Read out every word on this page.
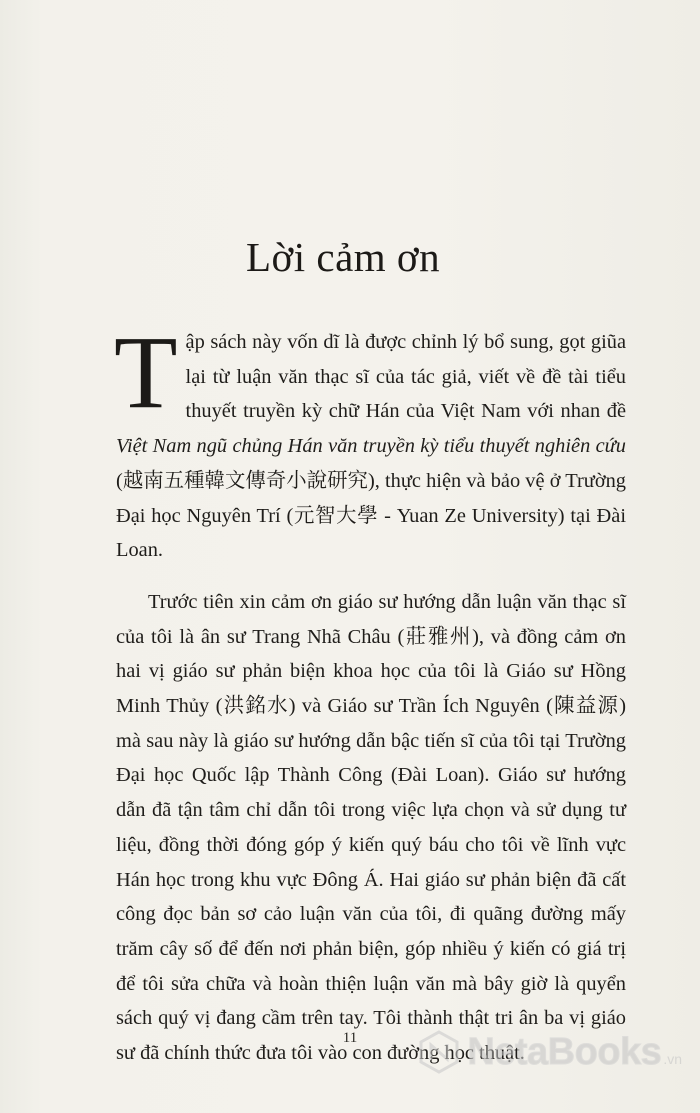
Lời cảm ơn

Tập sách này vốn dĩ là được chỉnh lý bổ sung, gọt giũa lại từ luận văn thạc sĩ của tác giả, viết về đề tài tiểu thuyết truyền kỳ chữ Hán của Việt Nam với nhan đề Việt Nam ngũ chủng Hán văn truyền kỳ tiểu thuyết nghiên cứu (越南五種韓文傳奇小說研究), thực hiện và bảo vệ ở Trường Đại học Nguyên Trí (元智大學 - Yuan Ze University) tại Đài Loan.

Trước tiên xin cảm ơn giáo sư hướng dẫn luận văn thạc sĩ của tôi là ân sư Trang Nhã Châu (莊雅州), và đồng cảm ơn hai vị giáo sư phản biện khoa học của tôi là Giáo sư Hồng Minh Thủy (洪銘水) và Giáo sư Trần Ích Nguyên (陳益源) mà sau này là giáo sư hướng dẫn bậc tiến sĩ của tôi tại Trường Đại học Quốc lập Thành Công (Đài Loan). Giáo sư hướng dẫn đã tận tâm chỉ dẫn tôi trong việc lựa chọn và sử dụng tư liệu, đồng thời đóng góp ý kiến quý báu cho tôi về lĩnh vực Hán học trong khu vực Đông Á. Hai giáo sư phản biện đã cất công đọc bản sơ cảo luận văn của tôi, đi quãng đường mấy trăm cây số để đến nơi phản biện, góp nhiều ý kiến có giá trị để tôi sửa chữa và hoàn thiện luận văn mà bây giờ là quyển sách quý vị đang cầm trên tay. Tôi thành thật tri ân ba vị giáo sư đã chính thức đưa tôi vào con đường học thuật.

11	NetaBooks .vn
